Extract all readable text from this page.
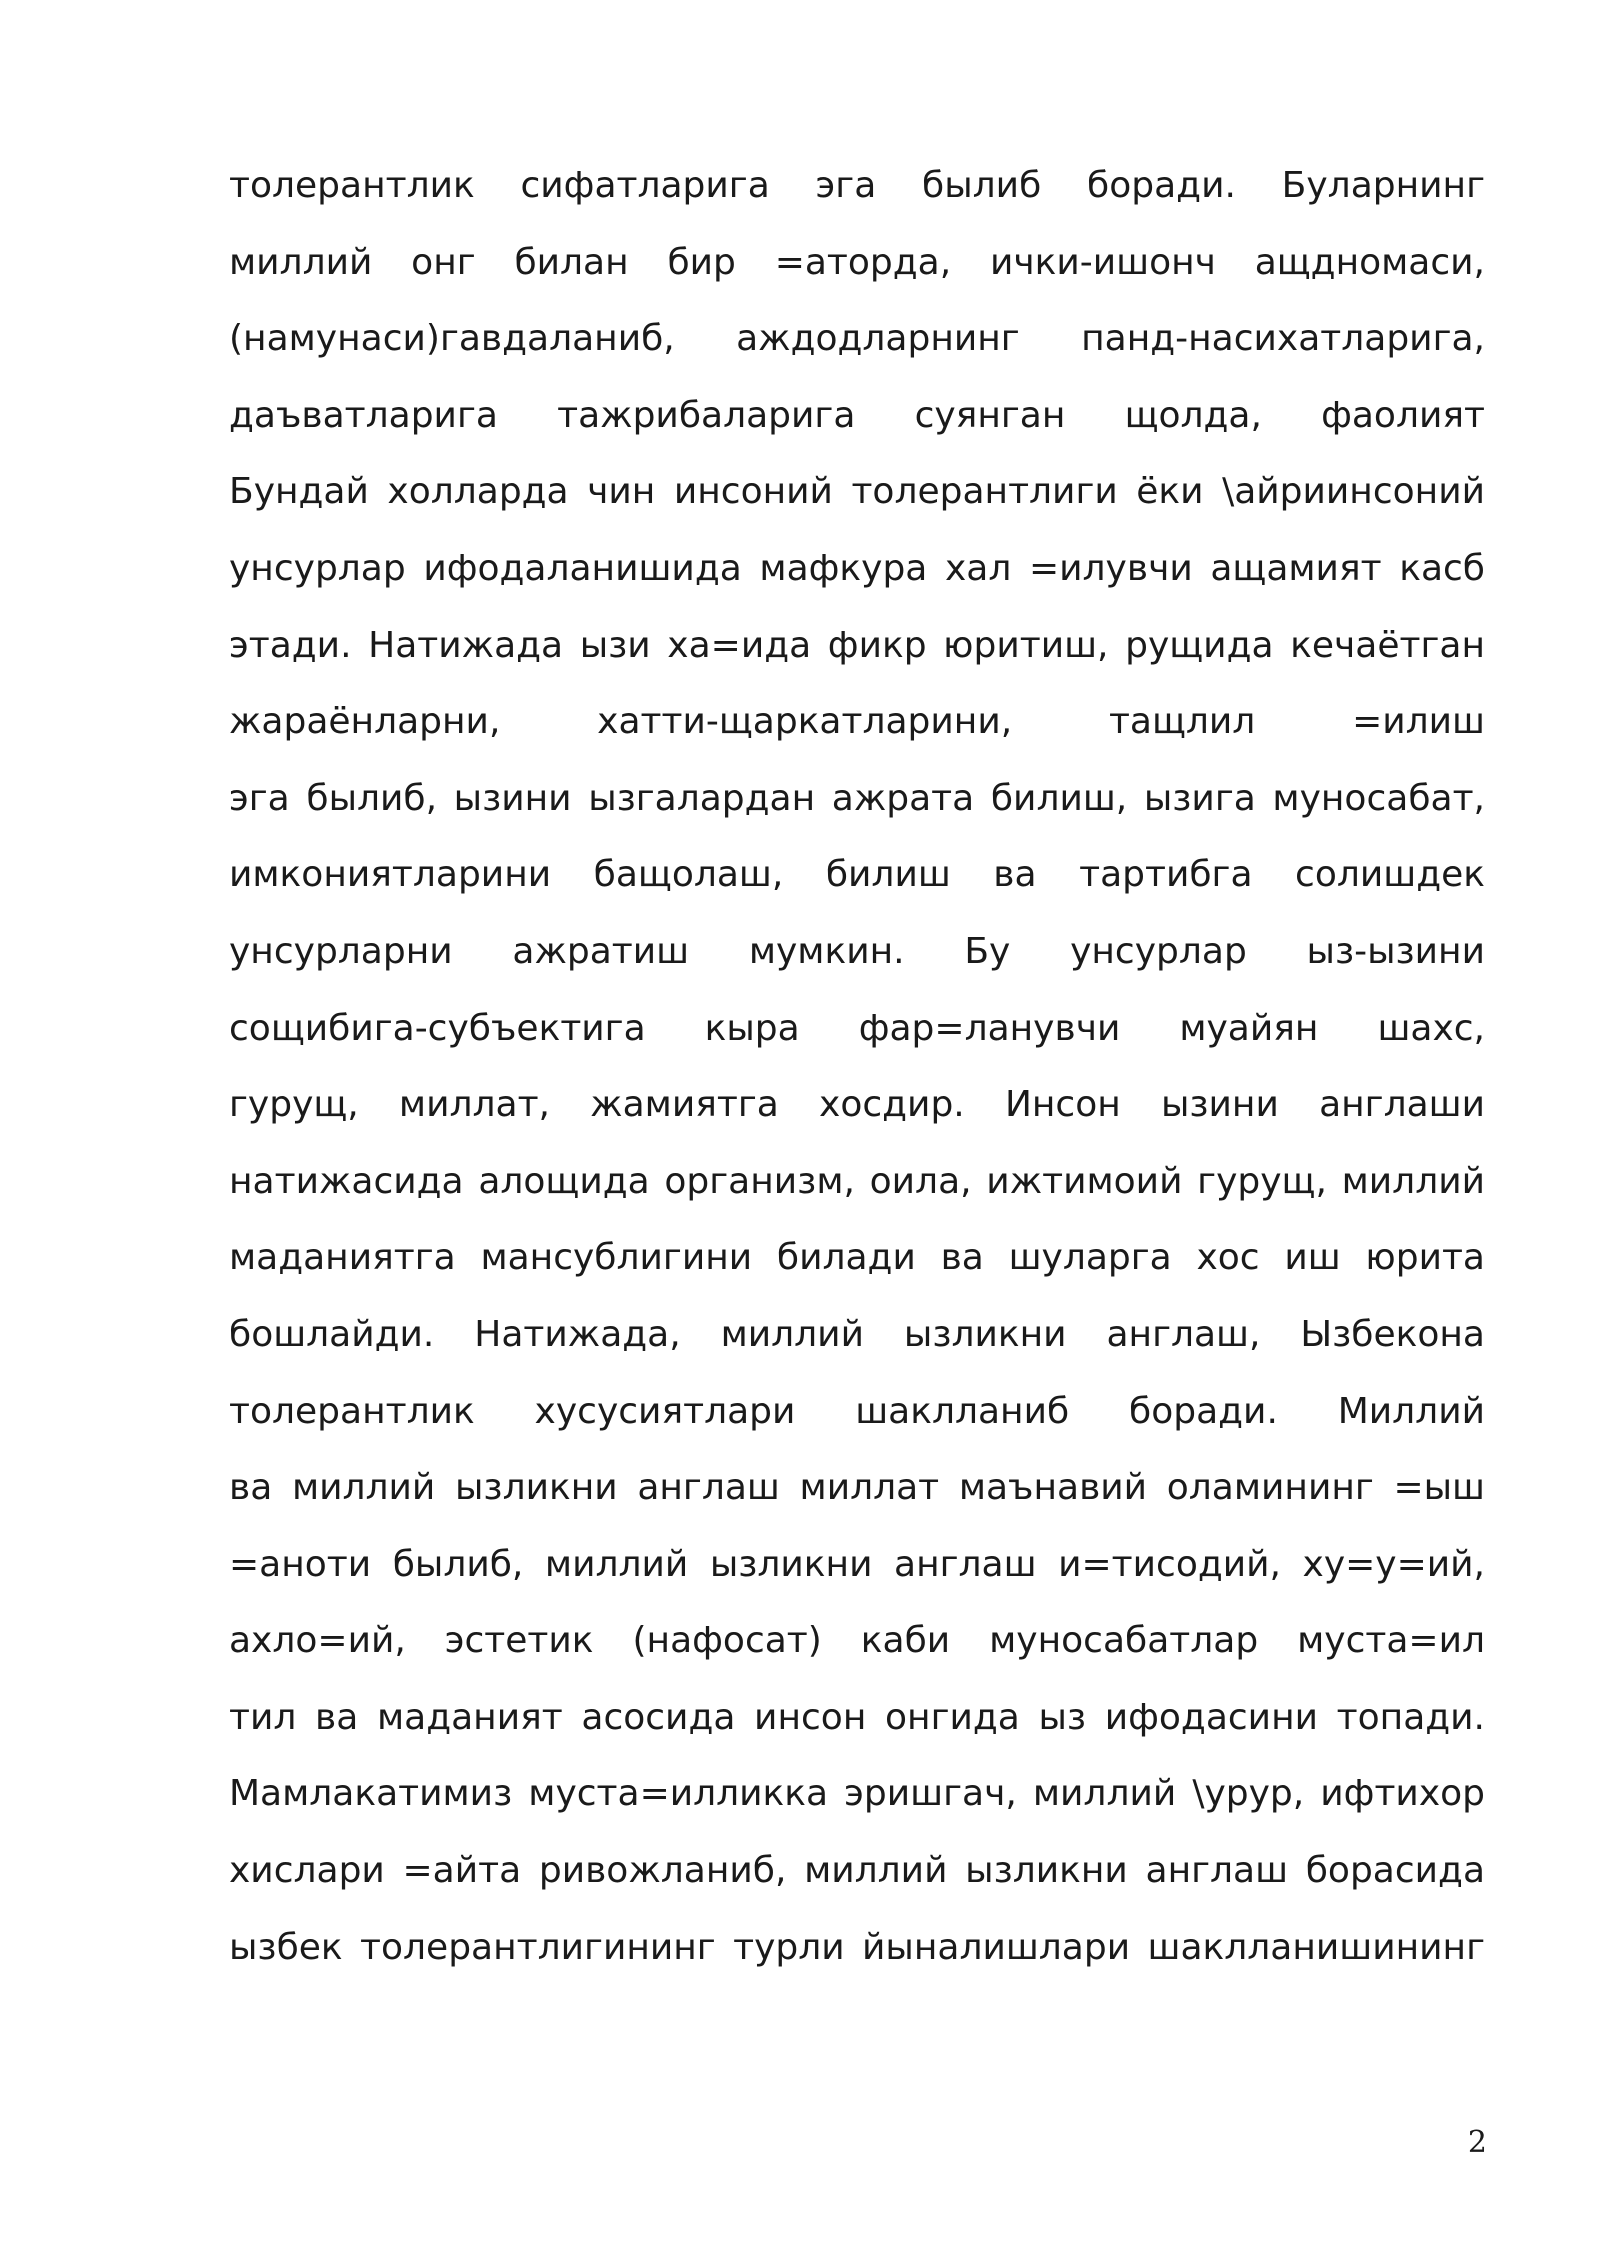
толерантлик сифатларига эга былиб боради. Буларнинг
миллий онг билан бир =аторда, ички-ишонч ащдномаси,
(намунаси)гавдаланиб, аждодларнинг панд-насихатларига,
даъватларига тажрибаларига суянган щолда, фаолият
Бундай холларда чин инсоний толерантлиги ёки \айриинсоний
унсурлар ифодаланишида мафкура хал =илувчи ащамият касб
этади. Натижада ызи ха=ида фикр юритиш, рущида кечаётган
жараёнларни, хатти-щаркатларини, тащлил =илиш
эга былиб, ызини ызгалардан ажрата билиш, ызига муносабат,
имкониятларини бащолаш, билиш ва тартибга солишдек
унсурларни ажратиш мумкин. Бу унсурлар ыз-ызини
сощибига-субъектига кыра фар=ланувчи муайян шахс,
гурущ, миллат, жамиятга хосдир. Инсон ызини англаши
натижасида алощида организм, оила, ижтимоий гурущ, миллий
маданиятга мансублигини билади ва шуларга хос иш юрита
бошлайди. Натижада, миллий ызликни англаш, Ызбекона
толерантлик хусусиятлари шаклланиб боради. Миллий
ва миллий ызликни англаш миллат маънавий оламининг =ыш
=аноти былиб, миллий ызликни англаш и=тисодий, ху=у=ий,
ахло=ий, эстетик (нафосат) каби муносабатлар муста=ил
тил ва маданият асосида инсон онгида ыз ифодасини топади.
Мамлакатимиз муста=илликка эришгач, миллий \урур, ифтихор
хислари =айта ривожланиб, миллий ызликни англаш борасида
ызбек толерантлигининг турли йыналишлари шаклланишининг
2
